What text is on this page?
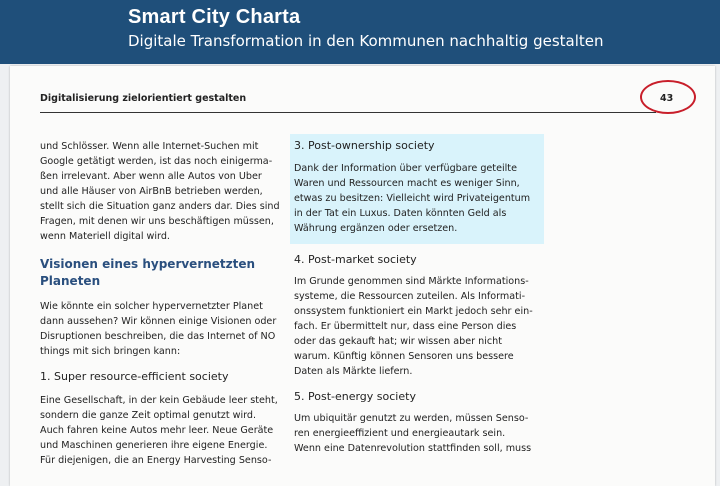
Smart City Charta
Digitale Transformation in den Kommunen nachhaltig gestalten
Digitalisierung zielorientiert gestalten	43

und Schlösser. Wenn alle Internet-Suchen mit

Google getätigt werden, ist das noch einigerma-

ßen irrelevant. Aber wenn alle Autos von Uber

und alle Häuser von AirBnB betrieben werden,

stellt sich die Situation ganz anders dar. Dies sind

Fragen, mit denen wir uns beschäftigen müssen,

wenn Materiell digital wird.

Visionen eines hypervernetzten

Planeten

Wie könnte ein solcher hypervernetzter Planet

dann aussehen? Wir können einige Visionen oder

Disruptionen beschreiben, die das Internet of NO

things mit sich bringen kann:

1. Super resource-efficient society

Eine Gesellschaft, in der kein Gebäude leer steht,

sondern die ganze Zeit optimal genutzt wird.

Auch fahren keine Autos mehr leer. Neue Geräte

und Maschinen generieren ihre eigene Energie.

Für diejenigen, die an Energy Harvesting Senso-

3. Post-ownership society

Dank der Information über verfügbare geteilte

Waren und Ressourcen macht es weniger Sinn,

etwas zu besitzen: Vielleicht wird Privateigentum

in der Tat ein Luxus. Daten könnten Geld als

Währung ergänzen oder ersetzen.

4. Post-market society

Im Grunde genommen sind Märkte Informations-

systeme, die Ressourcen zuteilen. Als Informati-

onssystem funktioniert ein Markt jedoch sehr ein-

fach. Er übermittelt nur, dass eine Person dies

oder das gekauft hat; wir wissen aber nicht

warum. Künftig können Sensoren uns bessere

Daten als Märkte liefern.

5. Post-energy society

Um ubiquitär genutzt zu werden, müssen Senso-

ren energieeffizient und energieautark sein.

Wenn eine Datenrevolution stattfinden soll, muss
